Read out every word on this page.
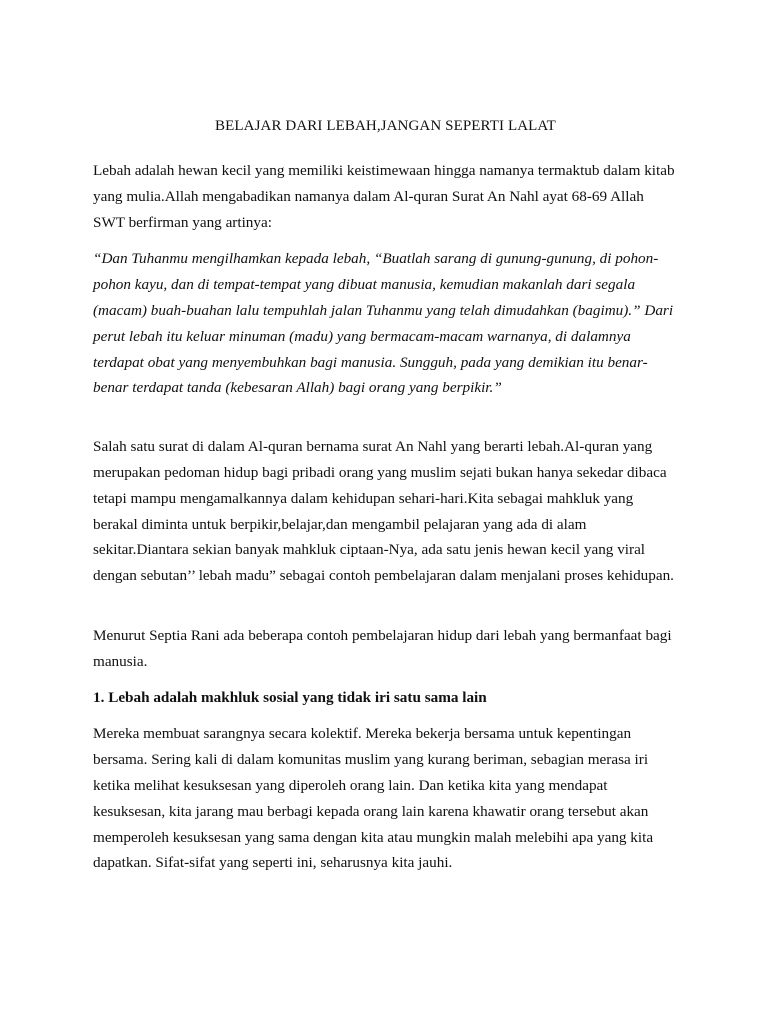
BELAJAR DARI LEBAH,JANGAN SEPERTI LALAT

Lebah adalah hewan kecil yang memiliki keistimewaan hingga namanya termaktub dalam kitab yang mulia.Allah mengabadikan namanya dalam Al-quran Surat An Nahl ayat 68-69 Allah SWT berfirman yang artinya:

“Dan Tuhanmu mengilhamkan kepada lebah, “Buatlah sarang di gunung-gunung, di pohon-pohon kayu, dan di tempat-tempat yang dibuat manusia, kemudian makanlah dari segala (macam) buah-buahan lalu tempuhlah jalan Tuhanmu yang telah dimudahkan (bagimu).” Dari perut lebah itu keluar minuman (madu) yang bermacam-macam warnanya, di dalamnya terdapat obat yang menyembuhkan bagi manusia. Sungguh, pada yang demikian itu benar-benar terdapat tanda (kebesaran Allah) bagi orang yang berpikir.”

Salah satu surat di dalam Al-quran bernama surat An Nahl yang berarti lebah.Al-quran yang merupakan pedoman hidup bagi pribadi orang yang muslim sejati bukan hanya sekedar dibaca tetapi mampu mengamalkannya dalam kehidupan sehari-hari.Kita sebagai mahkluk yang berakal diminta untuk berpikir,belajar,dan mengambil pelajaran yang ada di alam sekitar.Diantara sekian banyak mahkluk ciptaan-Nya, ada satu jenis hewan kecil yang viral dengan sebutan’’ lebah madu” sebagai contoh pembelajaran dalam menjalani proses kehidupan.

Menurut Septia Rani ada beberapa contoh pembelajaran hidup dari lebah yang bermanfaat bagi manusia.

1. Lebah adalah makhluk sosial yang tidak iri satu sama lain

Mereka membuat sarangnya secara kolektif. Mereka bekerja bersama untuk kepentingan bersama. Sering kali di dalam komunitas muslim yang kurang beriman, sebagian merasa iri ketika melihat kesuksesan yang diperoleh orang lain. Dan ketika kita yang mendapat kesuksesan, kita jarang mau berbagi kepada orang lain karena khawatir orang tersebut akan memperoleh kesuksesan yang sama dengan kita atau mungkin malah melebihi apa yang kita dapatkan. Sifat-sifat yang seperti ini, seharusnya kita jauhi.
